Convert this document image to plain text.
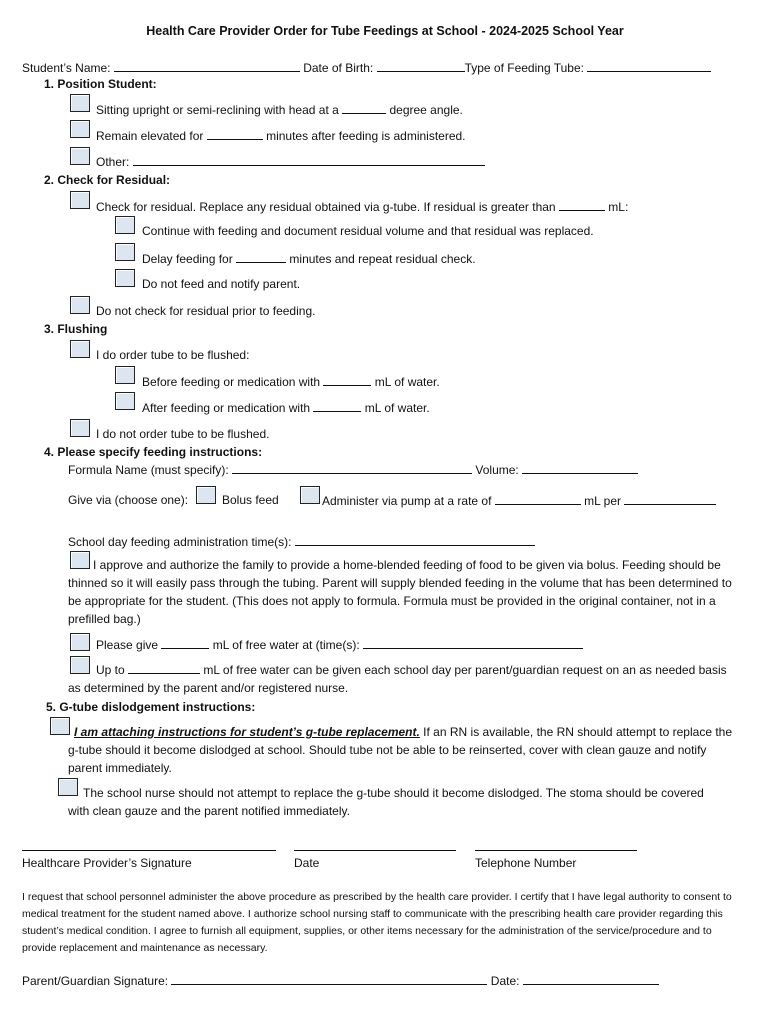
Health Care Provider Order for Tube Feedings at School - 2024-2025 School Year
Student’s Name:	Date of Birth:	Type of Feeding Tube:
1. Position Student:
Sitting upright or semi-reclining with head at a	degree angle.
Remain elevated for	minutes after feeding is administered.
Other:
2. Check for Residual:
Check for residual. Replace any residual obtained via g-tube. If residual is greater than	mL:
Continue with feeding and document residual volume and that residual was replaced.
Delay feeding for	minutes and repeat residual check.
Do not feed and notify parent.
Do not check for residual prior to feeding.
3. Flushing
I do order tube to be flushed:
Before feeding or medication with	mL of water.
After feeding or medication with	mL of water.
I do not order tube to be flushed.
4. Please specify feeding instructions:
Formula Name (must specify):	Volume:
Give via (choose one):	Bolus feed	Administer via pump at a rate of	mL per
School day feeding administration time(s):
I approve and authorize the family to provide a home-blended feeding of food to be given via bolus. Feeding should be thinned so it will easily pass through the tubing. Parent will supply blended feeding in the volume that has been determined to be appropriate for the student. (This does not apply to formula. Formula must be provided in the original container, not in a prefilled bag.)
Please give	mL of free water at (time(s):
Up to	mL of free water can be given each school day per parent/guardian request on an as needed basis as determined by the parent and/or registered nurse.
5. G-tube dislodgement instructions:
I am attaching instructions for student’s g-tube replacement. If an RN is available, the RN should attempt to replace the g-tube should it become dislodged at school. Should tube not be able to be reinserted, cover with clean gauze and notify parent immediately.
The school nurse should not attempt to replace the g-tube should it become dislodged. The stoma should be covered with clean gauze and the parent notified immediately.
Healthcare Provider’s Signature	Date	Telephone Number
I request that school personnel administer the above procedure as prescribed by the health care provider. I certify that I have legal authority to consent to medical treatment for the student named above. I authorize school nursing staff to communicate with the prescribing health care provider regarding this student’s medical condition. I agree to furnish all equipment, supplies, or other items necessary for the administration of the service/procedure and to provide replacement and maintenance as necessary.
Parent/Guardian Signature:	Date:
